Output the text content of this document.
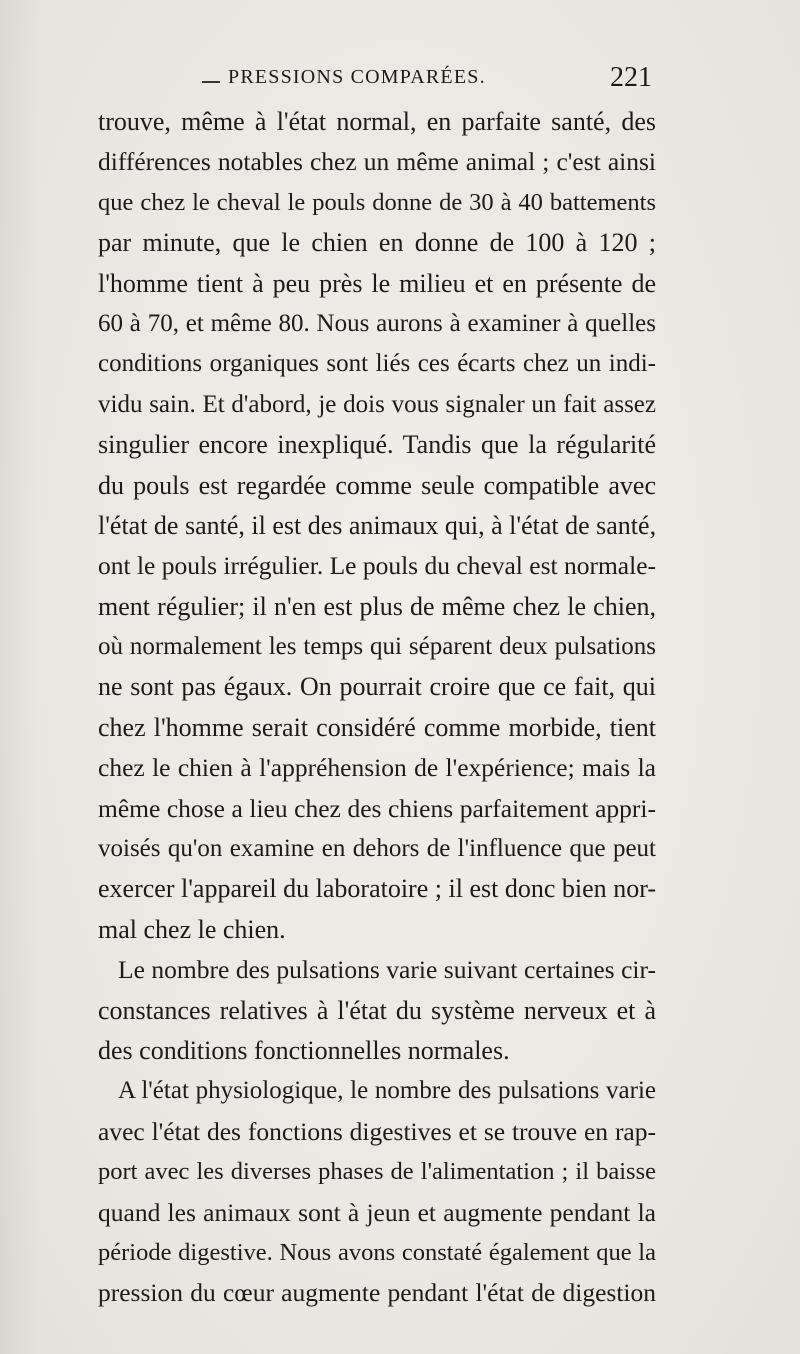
PRESSIONS COMPARÉES.	221
trouve, même à l'état normal, en parfaite santé, des
différences notables chez un même animal ; c'est ainsi
que chez le cheval le pouls donne de 30 à 40 battements
par minute, que le chien en donne de 100 à 120 ;
l'homme tient à peu près le milieu et en présente de
60 à 70, et même 80. Nous aurons à examiner à quelles
conditions organiques sont liés ces écarts chez un indi-
vidu sain. Et d'abord, je dois vous signaler un fait assez
singulier encore inexpliqué. Tandis que la régularité
du pouls est regardée comme seule compatible avec
l'état de santé, il est des animaux qui, à l'état de santé,
ont le pouls irrégulier. Le pouls du cheval est normale-
ment régulier; il n'en est plus de même chez le chien,
où normalement les temps qui séparent deux pulsations
ne sont pas égaux. On pourrait croire que ce fait, qui
chez l'homme serait considéré comme morbide, tient
chez le chien à l'appréhension de l'expérience; mais la
même chose a lieu chez des chiens parfaitement appri-
voisés qu'on examine en dehors de l'influence que peut
exercer l'appareil du laboratoire ; il est donc bien nor-
mal chez le chien.
Le nombre des pulsations varie suivant certaines cir-
constances relatives à l'état du système nerveux et à
des conditions fonctionnelles normales.
A l'état physiologique, le nombre des pulsations varie
avec l'état des fonctions digestives et se trouve en rap-
port avec les diverses phases de l'alimentation ; il baisse
quand les animaux sont à jeun et augmente pendant la
période digestive. Nous avons constaté également que la
pression du cœur augmente pendant l'état de digestion
